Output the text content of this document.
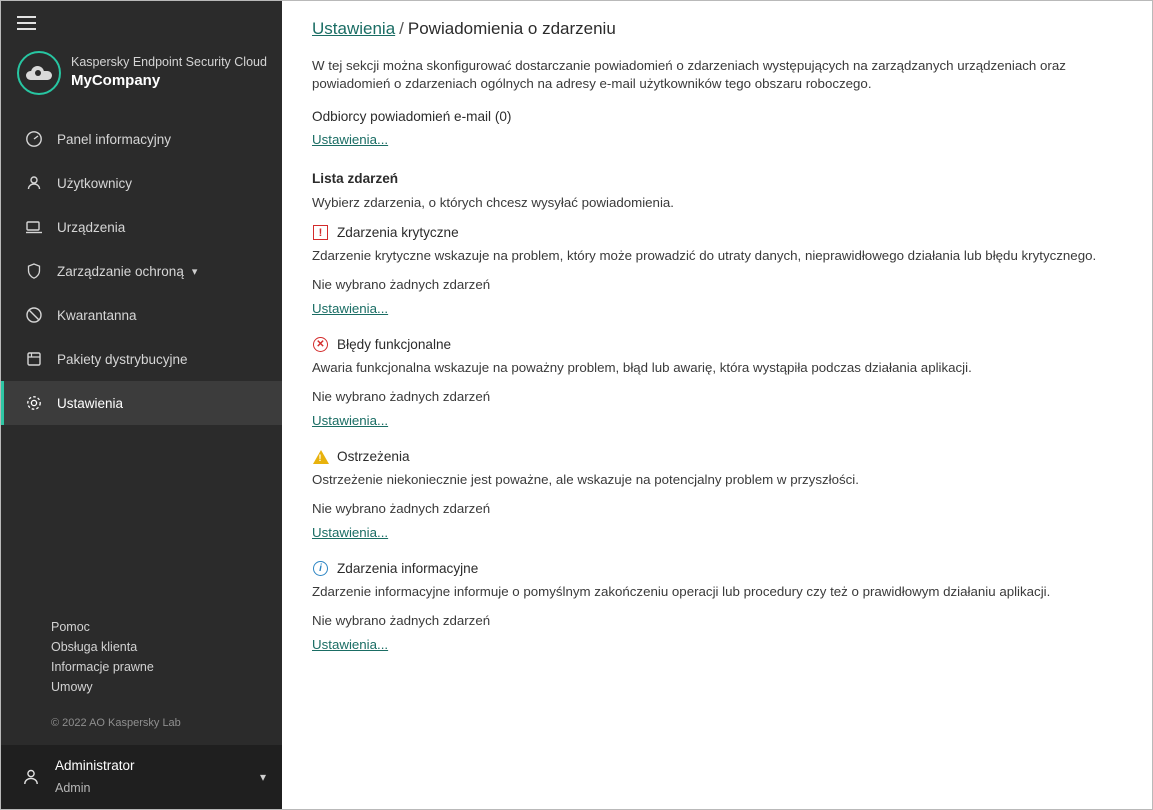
Kaspersky Endpoint Security Cloud
MyCompany
Panel informacyjny
Użytkownicy
Urządzenia
Zarządzanie ochroną ▾
Kwarantanna
Pakiety dystrybucyjne
Ustawienia
Pomoc
Obsługa klienta
Informacje prawne
Umowy
© 2022 AO Kaspersky Lab
Administrator
Admin
▾
Ustawienia / Powiadomienia o zdarzeniu
W tej sekcji można skonfigurować dostarczanie powiadomień o zdarzeniach występujących na zarządzanych urządzeniach oraz powiadomień o zdarzeniach ogólnych na adresy e-mail użytkowników tego obszaru roboczego.
Odbiorcy powiadomień e-mail (0)
Ustawienia...
Lista zdarzeń
Wybierz zdarzenia, o których chcesz wysyłać powiadomienia.
!	Zdarzenia krytyczne
Zdarzenie krytyczne wskazuje na problem, który może prowadzić do utraty danych, nieprawidłowego działania lub błędu krytycznego.
Nie wybrano żadnych zdarzeń
Ustawienia...
✕ Błędy funkcjonalne
Awaria funkcjonalna wskazuje na poważny problem, błąd lub awarię, która wystąpiła podczas działania aplikacji.
Nie wybrano żadnych zdarzeń
Ustawienia...
!
Ostrzeżenia
Ostrzeżenie niekoniecznie jest poważne, ale wskazuje na potencjalny problem w przyszłości.
Nie wybrano żadnych zdarzeń
Ustawienia...
i	Zdarzenia informacyjne
Zdarzenie informacyjne informuje o pomyślnym zakończeniu operacji lub procedury czy też o prawidłowym działaniu aplikacji.
Nie wybrano żadnych zdarzeń
Ustawienia...
